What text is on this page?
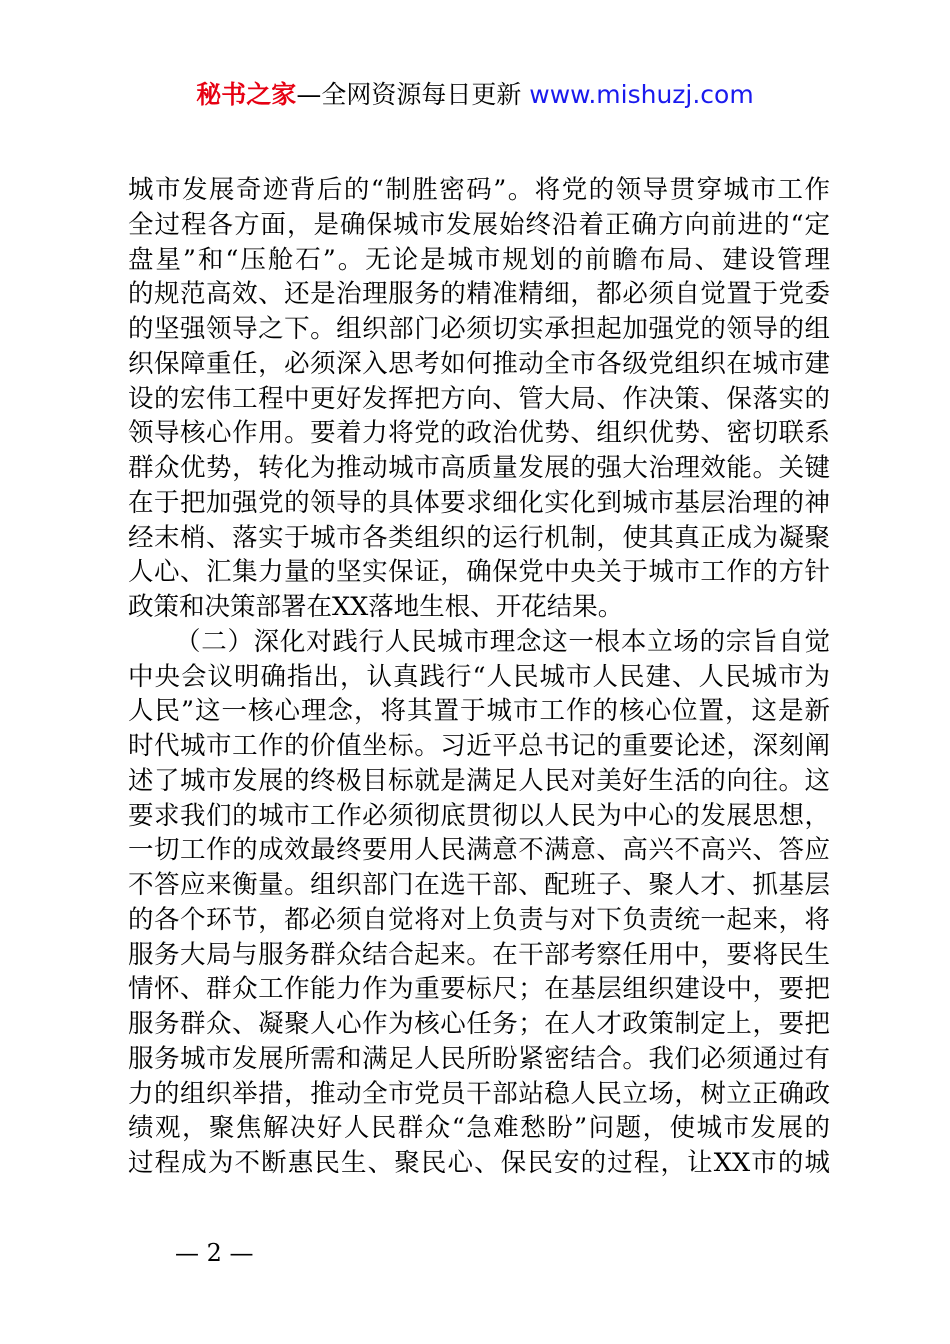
秘书之家—全网资源每日更新 www.mishuzj.com
城市发展奇迹背后的“制胜密码”。将党的领导贯穿城市工作
全过程各方面，是确保城市发展始终沿着正确方向前进的“定
盘星”和“压舱石”。无论是城市规划的前瞻布局、建设管理
的规范高效、还是治理服务的精准精细，都必须自觉置于党委
的坚强领导之下。组织部门必须切实承担起加强党的领导的组
织保障重任，必须深入思考如何推动全市各级党组织在城市建
设的宏伟工程中更好发挥把方向、管大局、作决策、保落实的
领导核心作用。要着力将党的政治优势、组织优势、密切联系
群众优势，转化为推动城市高质量发展的强大治理效能。关键
在于把加强党的领导的具体要求细化实化到城市基层治理的神
经末梢、落实于城市各类组织的运行机制，使其真正成为凝聚
人心、汇集力量的坚实保证，确保党中央关于城市工作的方针
政策和决策部署在XX落地生根、开花结果。
（二）深化对践行人民城市理念这一根本立场的宗旨自觉
中央会议明确指出，认真践行“人民城市人民建、人民城市为
人民”这一核心理念，将其置于城市工作的核心位置，这是新
时代城市工作的价值坐标。习近平总书记的重要论述，深刻阐
述了城市发展的终极目标就是满足人民对美好生活的向往。这
要求我们的城市工作必须彻底贯彻以人民为中心的发展思想，
一切工作的成效最终要用人民满意不满意、高兴不高兴、答应
不答应来衡量。组织部门在选干部、配班子、聚人才、抓基层
的各个环节，都必须自觉将对上负责与对下负责统一起来，将
服务大局与服务群众结合起来。在干部考察任用中，要将民生
情怀、群众工作能力作为重要标尺；在基层组织建设中，要把
服务群众、凝聚人心作为核心任务；在人才政策制定上，要把
服务城市发展所需和满足人民所盼紧密结合。我们必须通过有
力的组织举措，推动全市党员干部站稳人民立场，树立正确政
绩观，聚焦解决好人民群众“急难愁盼”问题，使城市发展的
过程成为不断惠民生、聚民心、保民安的过程，让XX市的城
— 2 —
